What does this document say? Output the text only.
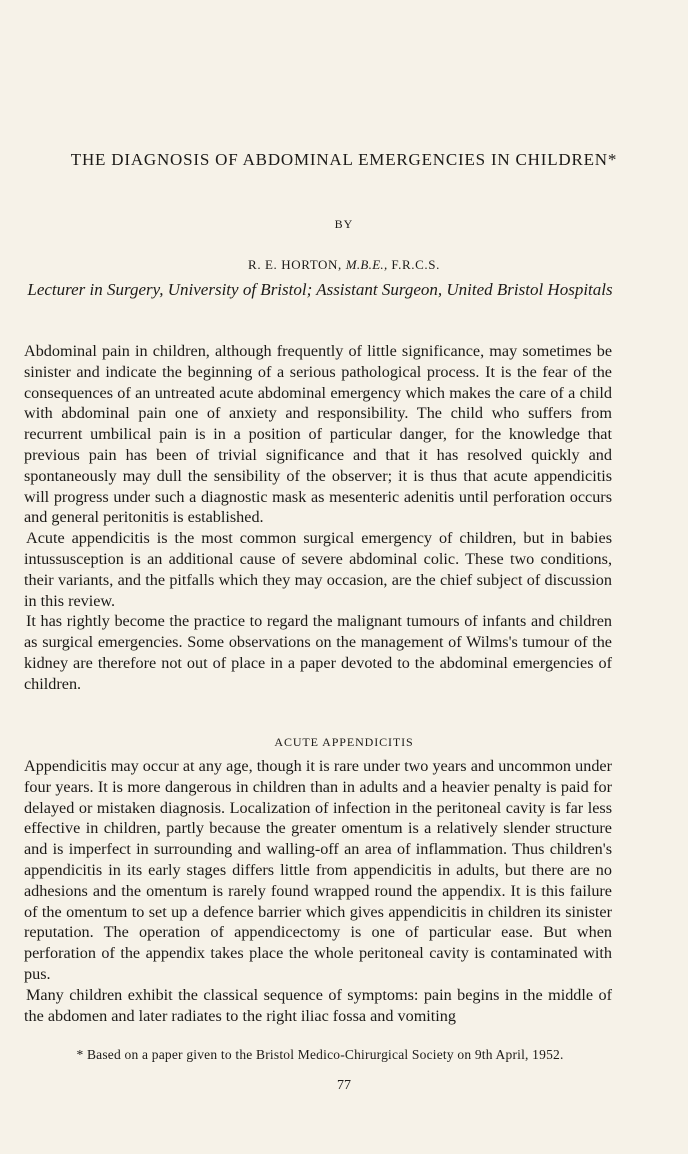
THE DIAGNOSIS OF ABDOMINAL EMERGENCIES IN CHILDREN*
BY
R. E. HORTON, M.B.E., F.R.C.S.
Lecturer in Surgery, University of Bristol; Assistant Surgeon, United Bristol Hospitals

Abdominal pain in children, although frequently of little significance, may sometimes be sinister and indicate the beginning of a serious pathological process. It is the fear of the consequences of an untreated acute abdominal emergency which makes the care of a child with abdominal pain one of anxiety and responsibility. The child who suffers from recurrent umbilical pain is in a position of particular danger, for the knowledge that previous pain has been of trivial significance and that it has resolved quickly and spontaneously may dull the sensibility of the observer; it is thus that acute appendicitis will progress under such a diagnostic mask as mesenteric adenitis until perforation occurs and general peritonitis is established.

Acute appendicitis is the most common surgical emergency of children, but in babies intussusception is an additional cause of severe abdominal colic. These two conditions, their variants, and the pitfalls which they may occasion, are the chief subject of discussion in this review.

It has rightly become the practice to regard the malignant tumours of infants and children as surgical emergencies. Some observations on the management of Wilms's tumour of the kidney are therefore not out of place in a paper devoted to the abdominal emergencies of children.

ACUTE APPENDICITIS

Appendicitis may occur at any age, though it is rare under two years and uncommon under four years. It is more dangerous in children than in adults and a heavier penalty is paid for delayed or mistaken diagnosis. Localization of infection in the peritoneal cavity is far less effective in children, partly because the greater omentum is a relatively slender structure and is imperfect in surrounding and walling-off an area of inflammation. Thus children's appendicitis in its early stages differs little from appendicitis in adults, but there are no adhesions and the omentum is rarely found wrapped round the appendix. It is this failure of the omentum to set up a defence barrier which gives appendicitis in children its sinister reputation. The operation of appendicectomy is one of particular ease. But when perforation of the appendix takes place the whole peritoneal cavity is contaminated with pus.

Many children exhibit the classical sequence of symptoms: pain begins in the middle of the abdomen and later radiates to the right iliac fossa and vomiting

* Based on a paper given to the Bristol Medico-Chirurgical Society on 9th April, 1952.
77
